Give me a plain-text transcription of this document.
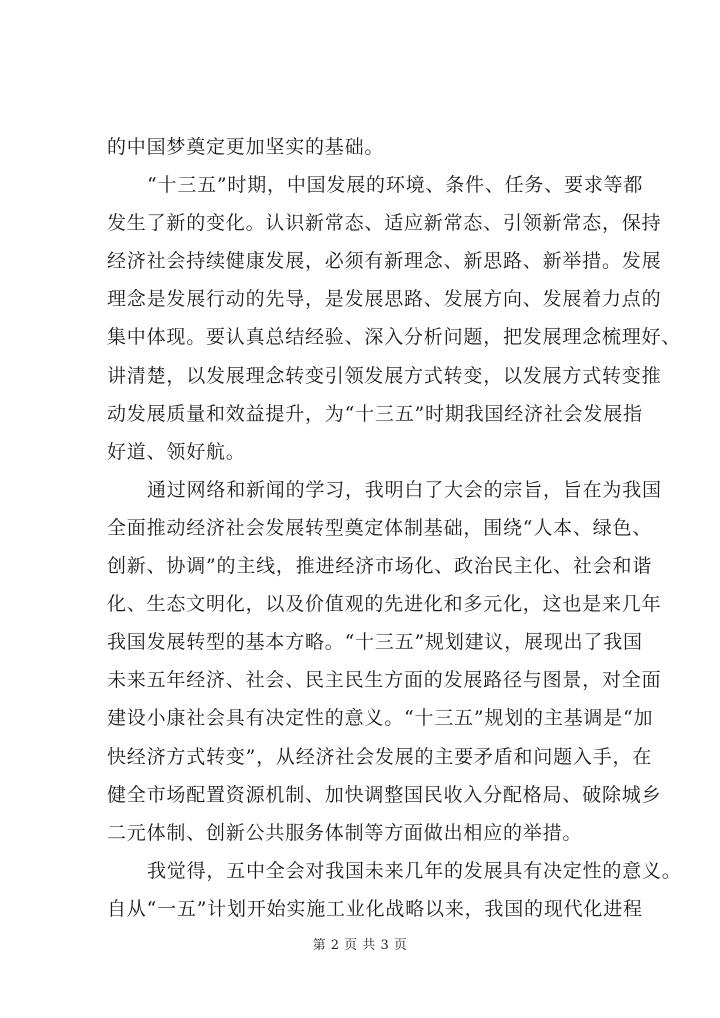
的中国梦奠定更加坚实的基础。
“十三五”时期，中国发展的环境、条件、任务、要求等都
发生了新的变化。认识新常态、适应新常态、引领新常态，保持
经济社会持续健康发展，必须有新理念、新思路、新举措。发展
理念是发展行动的先导，是发展思路、发展方向、发展着力点的
集中体现。要认真总结经验、深入分析问题，把发展理念梳理好、
讲清楚，以发展理念转变引领发展方式转变，以发展方式转变推
动发展质量和效益提升，为“十三五”时期我国经济社会发展指
好道、领好航。
通过网络和新闻的学习，我明白了大会的宗旨，旨在为我国
全面推动经济社会发展转型奠定体制基础，围绕“人本、绿色、
创新、协调”的主线，推进经济市场化、政治民主化、社会和谐
化、生态文明化，以及价值观的先进化和多元化，这也是来几年
我国发展转型的基本方略。“十三五”规划建议，展现出了我国
未来五年经济、社会、民主民生方面的发展路径与图景，对全面
建设小康社会具有决定性的意义。“十三五”规划的主基调是“加
快经济方式转变”，从经济社会发展的主要矛盾和问题入手，在
健全市场配置资源机制、加快调整国民收入分配格局、破除城乡
二元体制、创新公共服务体制等方面做出相应的举措。
我觉得，五中全会对我国未来几年的发展具有决定性的意义。
自从“一五”计划开始实施工业化战略以来，我国的现代化进程
第 2 页 共 3 页
